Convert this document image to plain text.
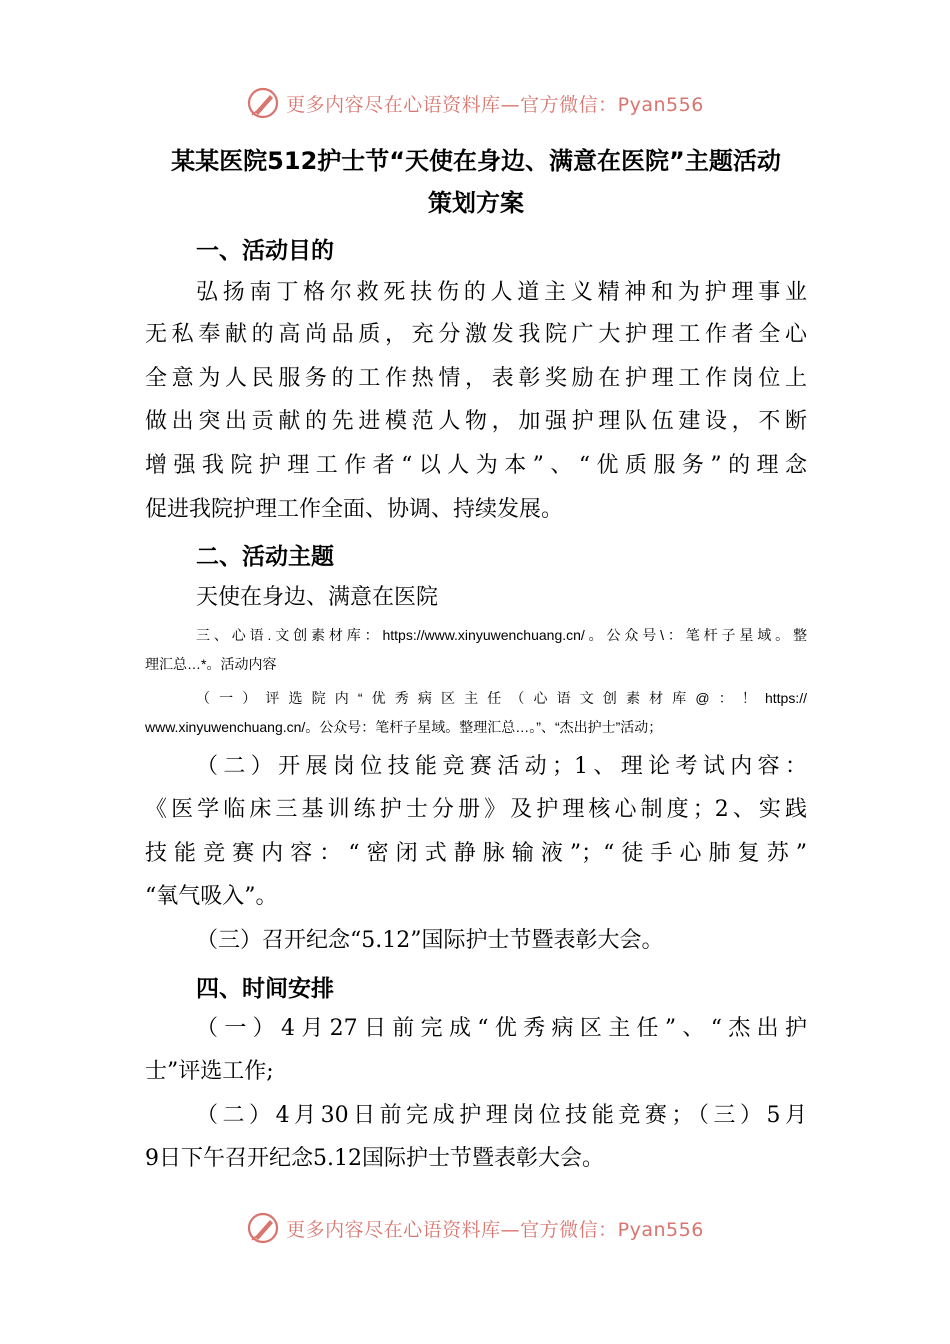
更多内容尽在心语资料库—官方微信：Pyan556
某某医院512护士节“天使在身边、满意在医院”主题活动
策划方案
一、活动目的
弘扬南丁格尔救死扶伤的人道主义精神和为护理事业
无私奉献的高尚品质，充分激发我院广大护理工作者全心
全意为人民服务的工作热情，表彰奖励在护理工作岗位上
做出突出贡献的先进模范人物，加强护理队伍建设，不断
增强我院护理工作者“以人为本”、“优质服务”的理念
促进我院护理工作全面、协调、持续发展。
二、活动主题
天使在身边、满意在医院
三、心语.文创素材库：https://www.xinyuwenchuang.cn/。公众号\：笔杆子星域。整
理汇总…*。活动内容
（一）评选院内“优秀病区主任（心语文创素材库@：！https://
www.xinyuwenchuang.cn/。公众号：笔杆子星域。整理汇总…。”、“杰出护士”活动；
（二）开展岗位技能竞赛活动；1、理论考试内容：
《医学临床三基训练护士分册》及护理核心制度；2、实践
技能竞赛内容：“密闭式静脉输液”；“徒手心肺复苏”
“氧气吸入”。
（三）召开纪念“5.12”国际护士节暨表彰大会。
四、时间安排
（一）4月27日前完成“优秀病区主任”、“杰出护
士”评选工作;
（二）4月30日前完成护理岗位技能竞赛；（三）5月
9日下午召开纪念5.12国际护士节暨表彰大会。
更多内容尽在心语资料库—官方微信：Pyan556
